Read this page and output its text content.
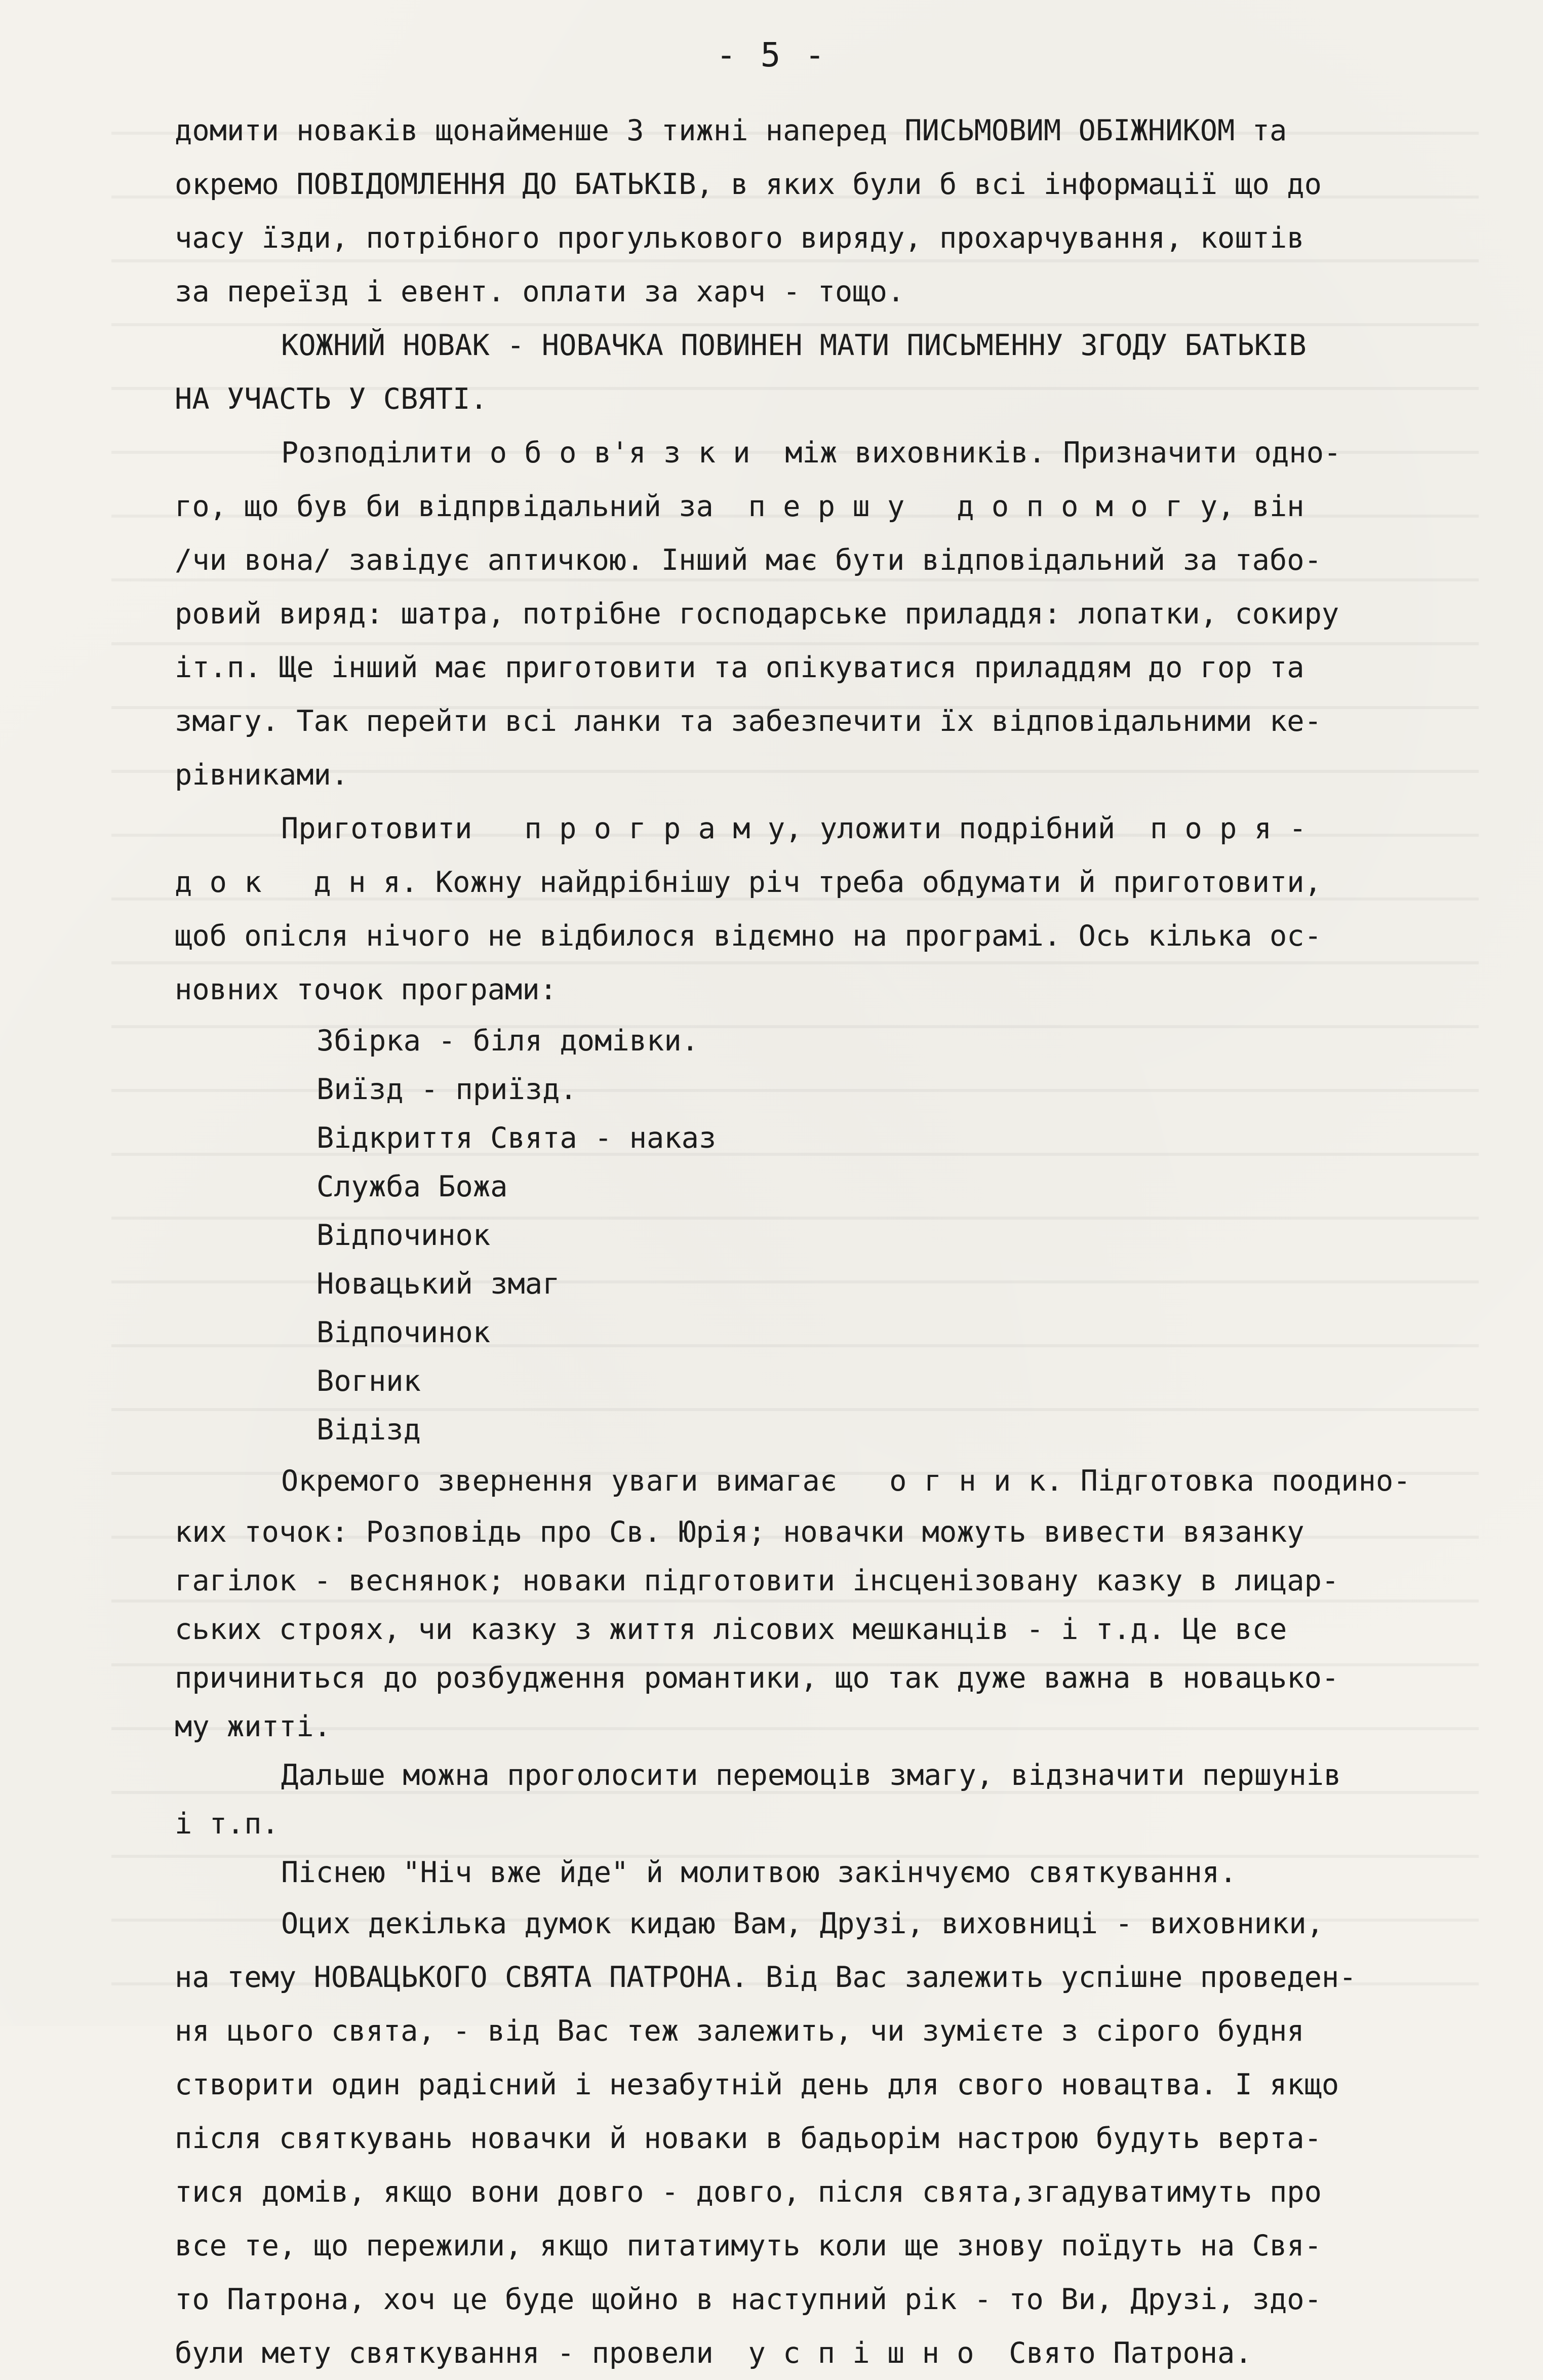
- 5 -
домити новаків щонайменше 3 тижні наперед ПИСЬМОВИМ ОБІЖНИКОМ та
окремо ПОВІДОМЛЕННЯ ДО БАТЬКІВ, в яких були б всі інформації що до
часу їзди, потрібного прогулькового виряду, прохарчування, коштів
за переїзд і евент. оплати за харч - тощо.
КОЖНИЙ НОВАК - НОВАЧКА ПОВИНЕН МАТИ ПИСЬМЕННУ ЗГОДУ БАТЬКІВ
НА УЧАСТЬ У СВЯТІ.
Розподілити о б о в'я з к и  між виховників. Призначити одно-
го, що був би відпрвідальний за  п е р ш у   д о п о м о г у, він
/чи вона/ завідує аптичкою. Інший має бути відповідальний за табо-
ровий виряд: шатра, потрібне господарське приладдя: лопатки, сокиру
іт.п. Ще інший має приготовити та опікуватися приладдям до гор та
змагу. Так перейти всі ланки та забезпечити їх відповідальними ке-
рівниками.
Приготовити   п р о г р а м у, уложити подрібний  п о р я -
д о к   д н я. Кожну найдрібнішу річ треба обдумати й приготовити,
щоб опісля нічого не відбилося відємно на програмі. Ось кілька ос-
новних точок програми:
Збірка - біля домівки.
Виїзд - приїзд.
Відкриття Свята - наказ
Служба Божа
Відпочинок
Новацький змаг
Відпочинок
Вогник
Відізд
Окремого звернення уваги вимагає   о г н и к. Підготовка поодино-
ких точок: Розповідь про Св. Юрія; новачки можуть вивести вязанку
гагілок - веснянок; новаки підготовити інсценізовану казку в лицар-
ських строях, чи казку з життя лісових мешканців - і т.д. Це все
причиниться до розбудження романтики, що так дуже важна в новацько-
му житті.
Дальше можна проголосити перемоців змагу, відзначити першунів
і т.п.
Піснею "Ніч вже йде" й молитвою закінчуємо святкування.
Оцих декілька думок кидаю Вам, Друзі, виховниці - виховники,
на тему НОВАЦЬКОГО СВЯТА ПАТРОНА. Від Вас залежить успішне проведен-
ня цього свята, - від Вас теж залежить, чи зумієте з сірого будня
створити один радісний і незабутній день для свого новацтва. І якщо
після святкувань новачки й новаки в бадьорім настрою будуть верта-
тися домів, якщо вони довго - довго, після свята,згадуватимуть про
все те, що пережили, якщо питатимуть коли ще знову поїдуть на Свя-
то Патрона, хоч це буде щойно в наступний рік - то Ви, Друзі, здо-
були мету святкування - провели  у с п і ш н о  Свято Патрона.
